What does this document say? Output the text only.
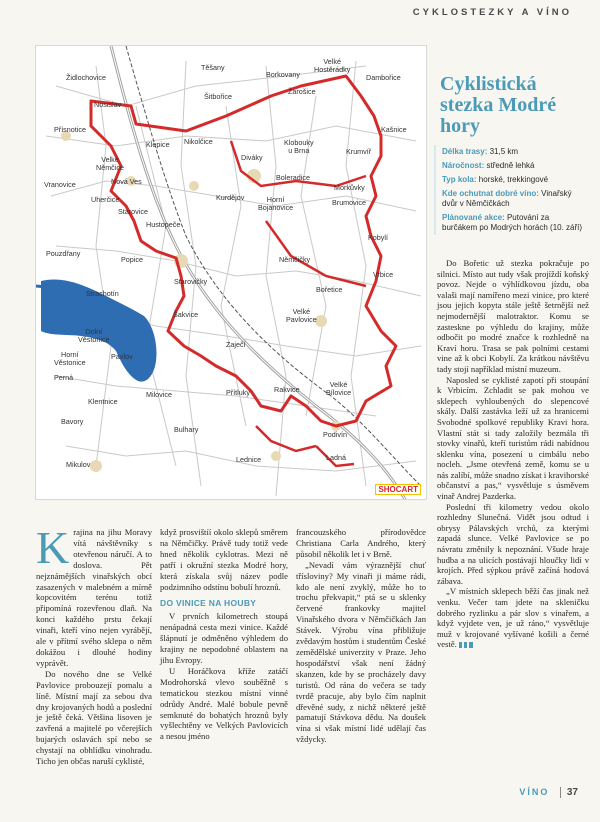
CYKLOSTEZKY A VÍNO
Těšany
Borkovany
Velké
Hostěrádky
Žarošice
Židlochovice
Nosislav
Šitbořice
Dambořice
Přísnotice
Klobouky
u Brna
Kašnice
Krumvíř
Velké
Němčice
Klepice Nikolčice
Diváky
Vranovice	Nová Ves	Boleradice
Morkůvky
Brumovice
Uherčice	Kurdějov	Horní
Bojanovice
Starovice
Hustopeče
Pouzdřany
Popice
Kobylí
Němčičky
Strachotín
Starovičky
Vrbice
Bořetice
Dolní
Věstonice
Šakvice	Velké
Pavlovice
Horní
Věstonice
Pavlov
Zaječí
Perná
Milovice	Přítluky	Rakvice
Velké
Bílovice
Klentnice
Bavory
Bulhary
Podivín
Mikulov
Lednice	Ladná
SHOCART
Cyklistická stezka Modré hory
Délka trasy: 31,5 km
Náročnost: středně lehká
Typ kola: horské, trekkingové
Kde ochutnat dobré víno: Vinařský dvůr v Němčičkách
Plánované akce: Putování za burčákem po Modrých horách (10. září)

Do Bořetic už stezka pokračuje po silnici. Místo aut tudy však projíždí koňský povoz. Nejde o výhlídkovou jízdu, oba valaši mají namířeno mezi vinice, pro které jsou jejich kopyta stále ještě šetrnější než nejmodernější malotraktor. Komu se zastesknе po výhledu do krajiny, může odbočit po modré značce k rozhledně na Kraví horu. Trasa se pak polními cestami vine až k obci Kobylí. Za krátkou návštěvu tady stojí například místní muzeum.

Naposled se cyklisté zapotí při stoupání k Vrbicím. Zchladit se pak mohou ve sklepech vyhloubených do slepencové skály. Další zastávka leží už za hranicemi Svobodné spolkové republiky Kravi hora. Vlastní stát si tady založily bezmála tři stovky vinařů, kteří turistům rádi nabídnou sklenku vína, posezení u cimbálu nebo nocleh. „Jsme otevřená země, komu se u nás zalíbí, může snadno získat i kravihorské občanství a pas,“ vysvětluje s úsměvem vinař Andrej Pazderka.

Poslední tři kilometry vedou okolo rozhledny Slunečná. Vidět jsou odtud i obrysy Pálavských vrchů, za kterými zapadá slunce. Velké Pavlovice se po návratu změnily k nepoznání. Všude hraje hudba a na ulicích postávají hloučky lidí v krojích. Před sýpkou právě začíná hodová zábava.

„V místních sklepech běží čas jinak než venku. Večer tam jdete na skleničku dobrého ryzlinku a pár slov s vinařem, a když vyjdete ven, je už ráno,“ vysvětluje muž v krojované vyšívané košili a černé vestě.

Krajina na jihu Moravy vítá návštěvníky s otevřenou náručí. A to doslova.	Pět nejznámějších vinařských obcí zasazených v malebném a mírně kopcovitém terénu totiž připomíná rozevřenou dlaň. Na konci každého prstu čekají vinaři, kteří víno nejen vyrábějí, ale v přítmí svého sklepa o něm dokážou i dlouhé hodiny vyprávět.

Do nového dne se Velké Pavlovice probouzejí pomalu a líně. Místní mají za sebou dva dny krojovaných hodů a poslední je ještě čeká. Většina lisoven je zavřená a majitelé po včerejších bujarých oslavách spí nebo se chystají na obhlídku vinohradu. Ticho jen občas naruší cyklisté,

když prosvištíí okolo sklepů směrem na Němčičky. Právě tudy totiž vede hned několik cyklotras. Mezi ně patří i okružní stezka Modré hory, která získala svůj název podle podzimního odstínu bobulí hroznů.

DO VINICE NA HOUBY

V prvních kilometrech stoupá nenápadná cesta mezi vinice. Každé šlápnutí je odměněno výhledem do krajiny ne nepodobné oblastem na jihu Evropy.

U Horáčkova kříže zatáčí Modrohorská vlevo souběžně s tematickou stezkou místní vinné odrůdy André. Malé bobule pevně semknuté do bohatých hroznů byly vyšlechtěny ve Velkých Pavlovicích a nesou jméno

francouzského přírodovědce Christiana Carla Andrého, který působil několik let i v Brně.

„Nevadí vám výraznější chuť třísloviny? My vinaři ji máme rádi, kdo ale není zvyklý, může ho to trochu překvapit,“ ptá se u sklenky červené frankovky majitel Vinařského dvora v Němčičkách Jan Stávek. Výrobu vína přibližuje zvědavým hostům i studentům České zemědělské univerzity v Praze. Jeho hospodářství však není žádný skanzen, kde by se procházely davy turistů. Od rána do večera se tady tvrdě pracuje, aby bylo čím naplnit dřevěné sudy, z nichž některé ještě pamatují Stávkova dědu. Na doušek vína si však místní lidé udělají čas vždycky.

VÍNO 37
